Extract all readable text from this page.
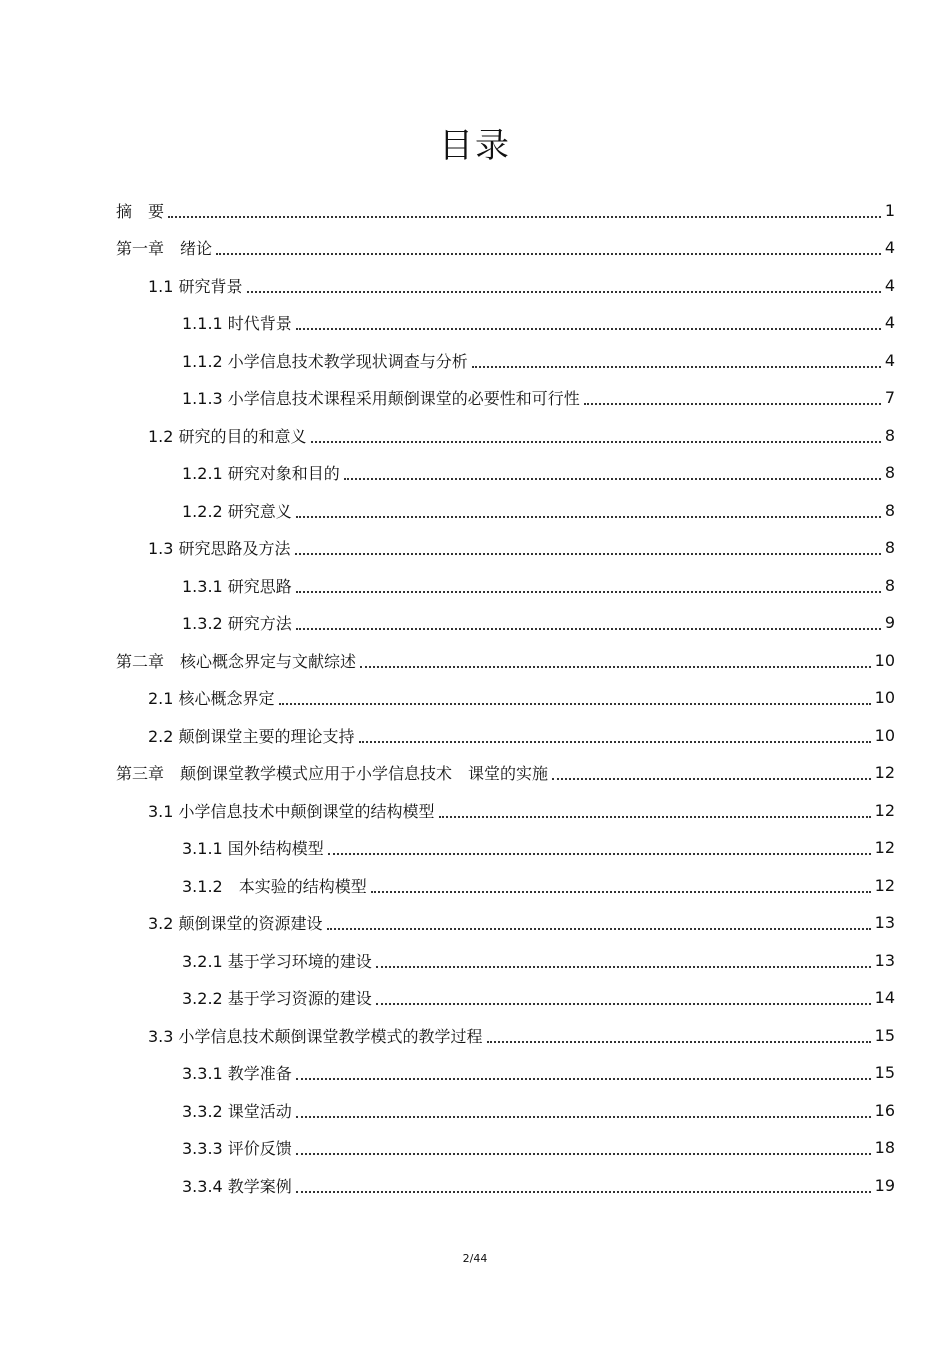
目录
摘　要	1
第一章　绪论	4
1.1 研究背景	4
1.1.1 时代背景	4
1.1.2 小学信息技术教学现状调查与分析	4
1.1.3 小学信息技术课程采用颠倒课堂的必要性和可行性	7
1.2 研究的目的和意义	8
1.2.1 研究对象和目的	8
1.2.2 研究意义	8
1.3 研究思路及方法	8
1.3.1 研究思路	8
1.3.2 研究方法	9
第二章　核心概念界定与文献综述	10
2.1 核心概念界定	10
2.2 颠倒课堂主要的理论支持	10
第三章　颠倒课堂教学模式应用于小学信息技术　课堂的实施	12
3.1 小学信息技术中颠倒课堂的结构模型	12
3.1.1 国外结构模型	12
3.1.2　本实验的结构模型	12
3.2 颠倒课堂的资源建设	13
3.2.1 基于学习环境的建设	13
3.2.2 基于学习资源的建设	14
3.3 小学信息技术颠倒课堂教学模式的教学过程	15
3.3.1 教学准备	15
3.3.2 课堂活动	16
3.3.3 评价反馈	18
3.3.4 教学案例	19
2/44
